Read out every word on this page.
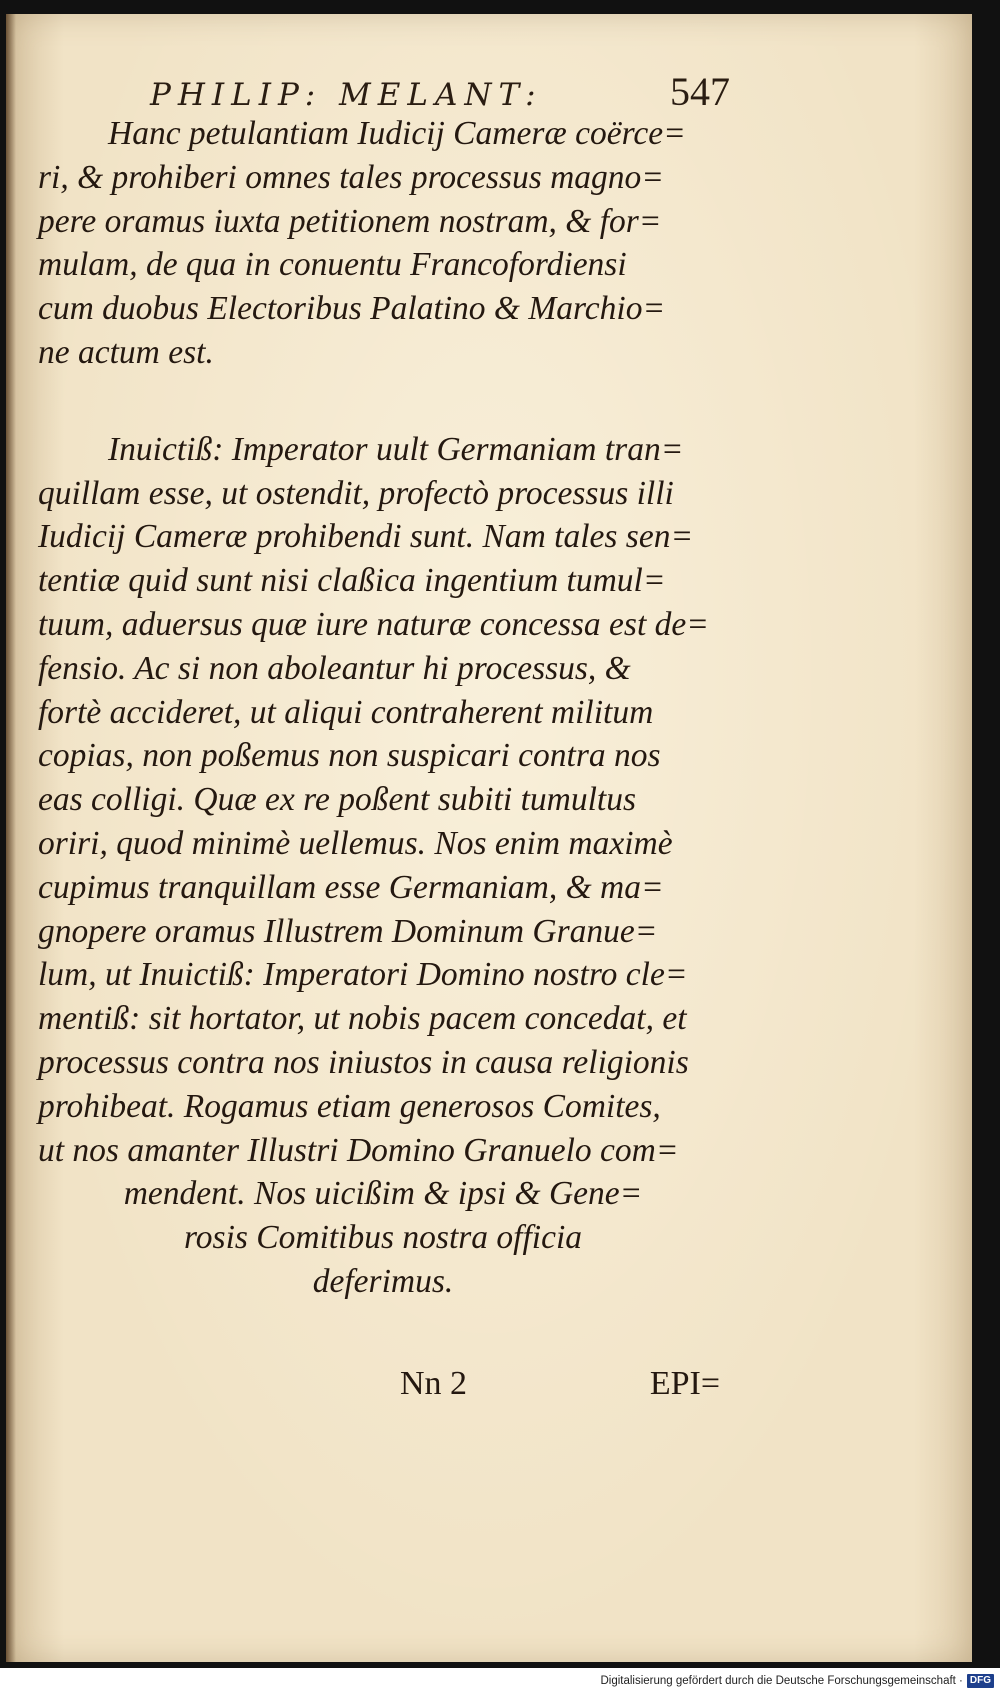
PHILIP: MELANT:	547
Hanc petulantiam Iudicij Cameræ coërce=
ri, & prohiberi omnes tales processus magno=
pere oramus iuxta petitionem nostram, & for=
mulam, de qua in conuentu Francofordiensi
cum duobus Electoribus Palatino & Marchio=
ne actum est.
Inuictiß: Imperator uult Germaniam tran=
quillam esse, ut ostendit, profectò processus illi
Iudicij Cameræ prohibendi sunt. Nam tales sen=
tentiæ quid sunt nisi claßica ingentium tumul=
tuum, aduersus quæ iure naturæ concessa est de=
fensio. Ac si non aboleantur hi processus, &
fortè accideret, ut aliqui contraherent militum
copias, non poßemus non suspicari contra nos
eas colligi. Quæ ex re poßent subiti tumultus
oriri, quod minimè uellemus. Nos enim maximè
cupimus tranquillam esse Germaniam, & ma=
gnopere oramus Illustrem Dominum Granue=
lum, ut Inuictiß: Imperatori Domino nostro cle=
mentiß: sit hortator, ut nobis pacem concedat, et
processus contra nos iniustos in causa religionis
prohibeat. Rogamus etiam generosos Comites,
ut nos amanter Illustri Domino Granuelo com=
mendent. Nos uicißim & ipsi & Gene=
rosis Comitibus nostra officia
deferimus.
Nn 2	EPI=
Digitalisierung gefördert durch die Deutsche Forschungsgemeinschaft · DFG
